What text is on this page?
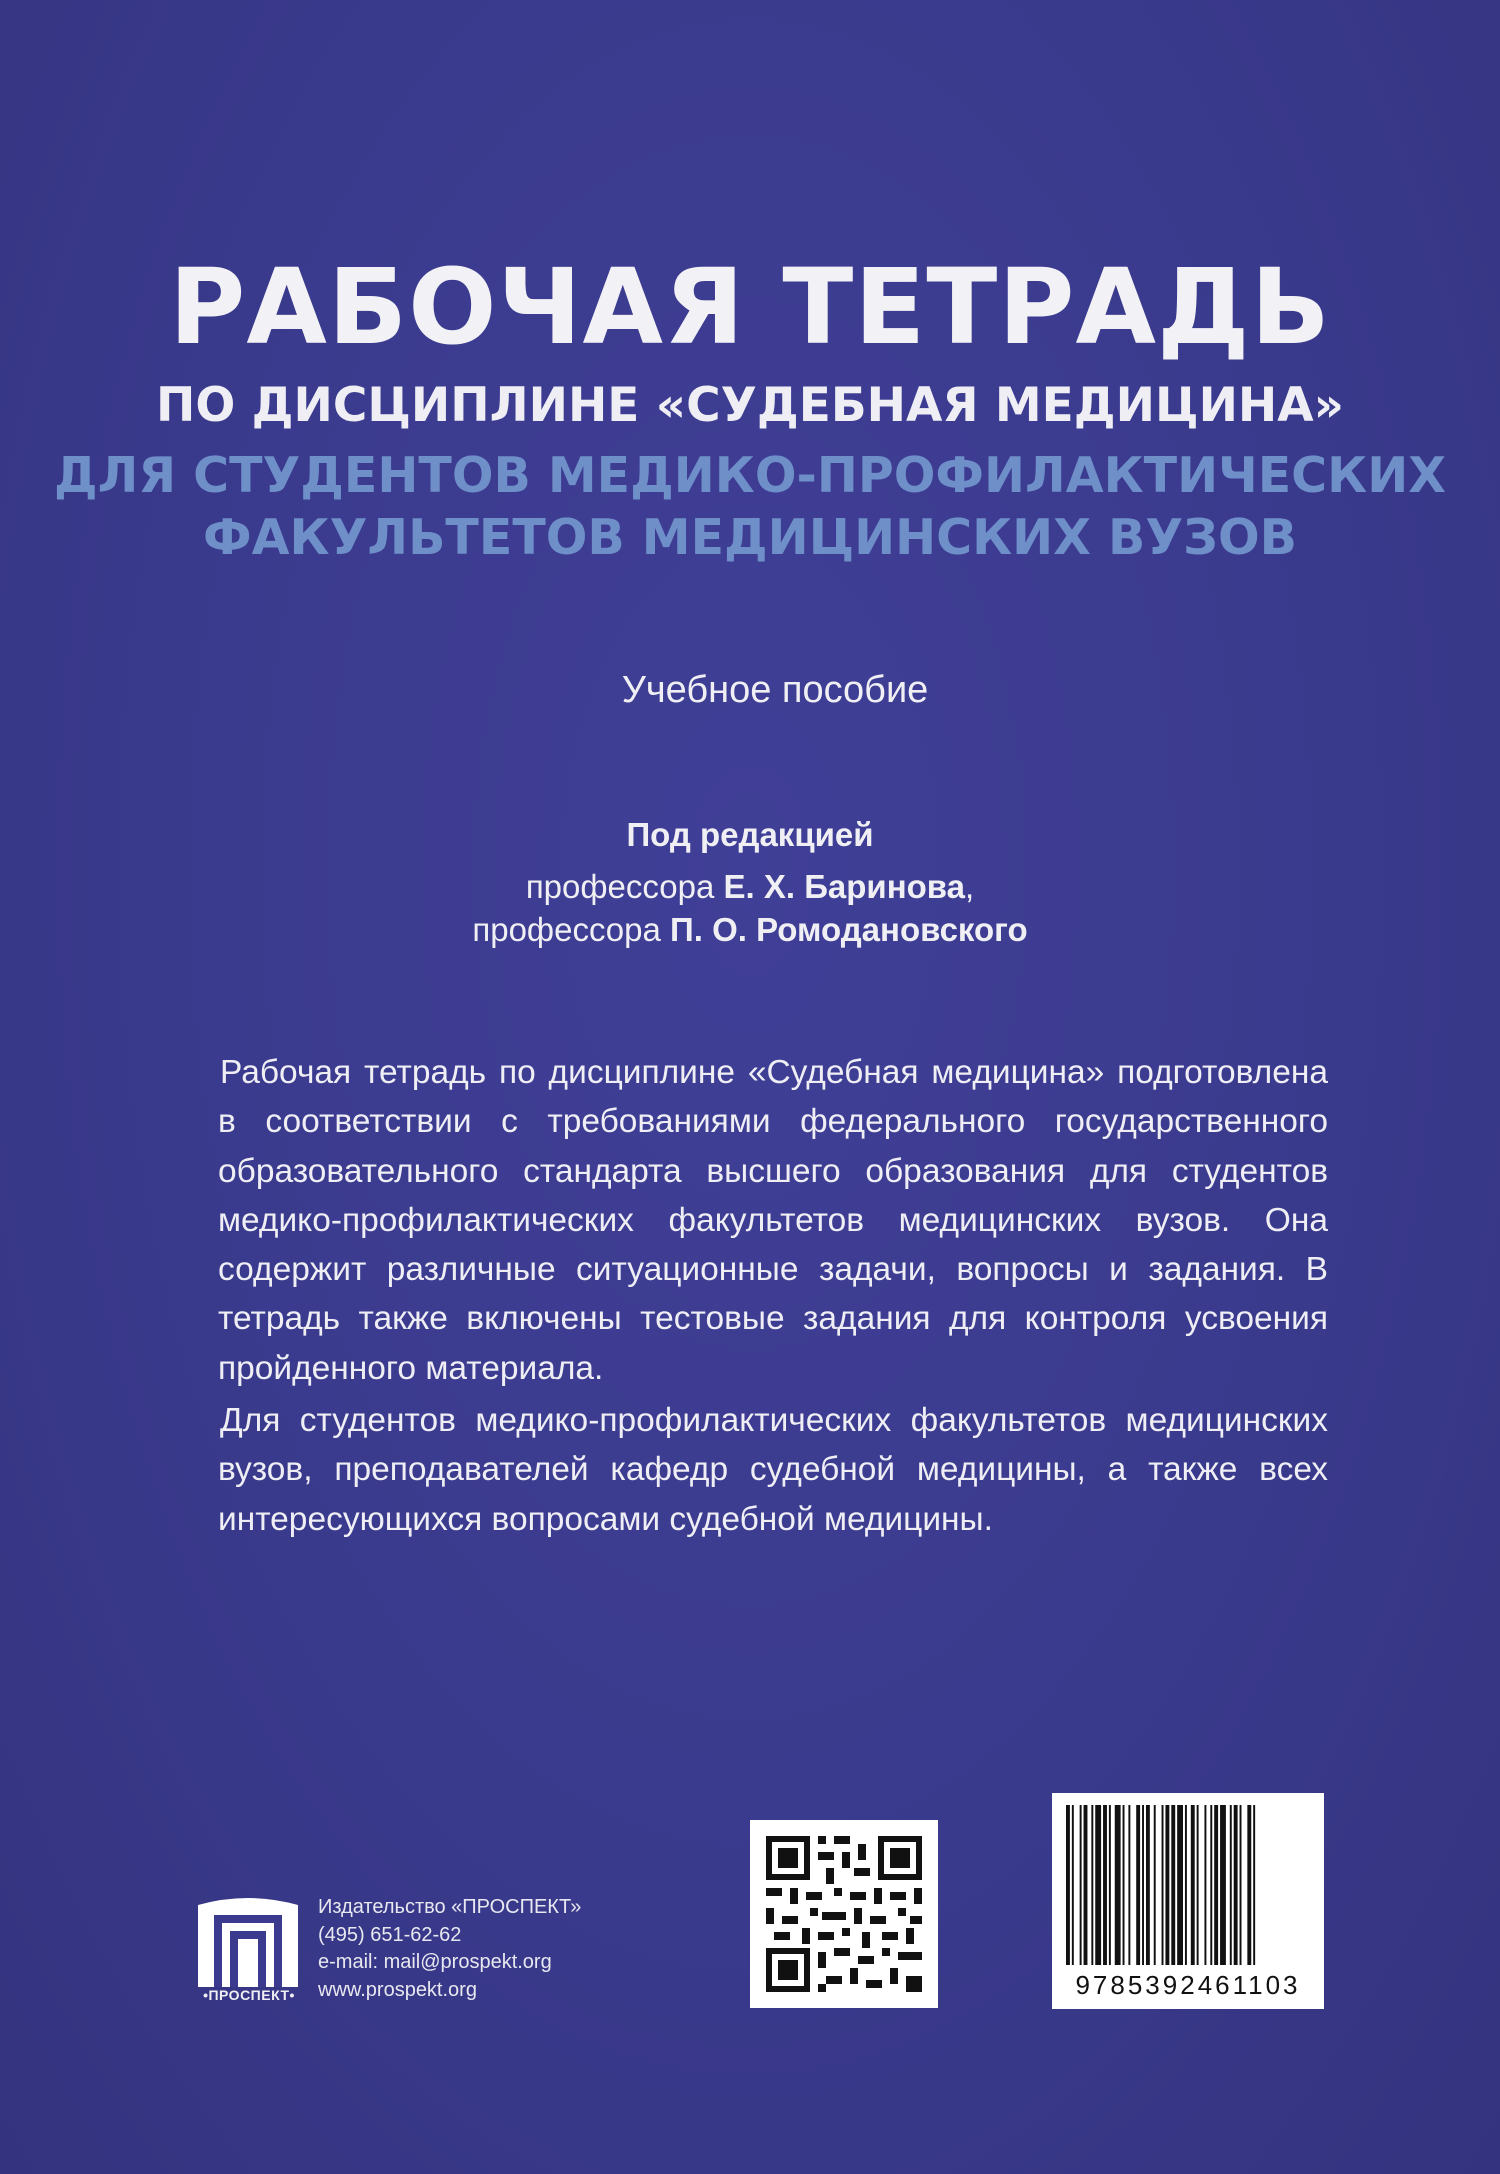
РАБОЧАЯ ТЕТРАДЬ
ПО ДИСЦИПЛИНЕ «СУДЕБНАЯ МЕДИЦИНА»
ДЛЯ СТУДЕНТОВ МЕДИКО-ПРОФИЛАКТИЧЕСКИХ
ФАКУЛЬТЕТОВ МЕДИЦИНСКИХ ВУЗОВ
Учебное пособие
Под редакцией
профессора Е. Х. Баринова,
профессора П. О. Ромодановского

Рабочая тетрадь по дисциплине «Судебная медицина» подготовлена в соответствии с требованиями федерального государственного образовательного стандарта высшего образования для студентов медико-профилактических факультетов медицинских вузов. Она содержит различные ситуационные задачи, вопросы и задания. В тетрадь также включены тестовые задания для контроля усвоения пройденного материала.

Для студентов медико-профилактических факультетов медицинских вузов, преподавателей кафедр судебной медицины, а также всех интересующихся вопросами судебной медицины.

•ПРОСПЕКТ•
Издательство «ПРОСПЕКТ»
(495) 651-62-62
e-mail: mail@prospekt.org
www.prospekt.org	9785392461103
